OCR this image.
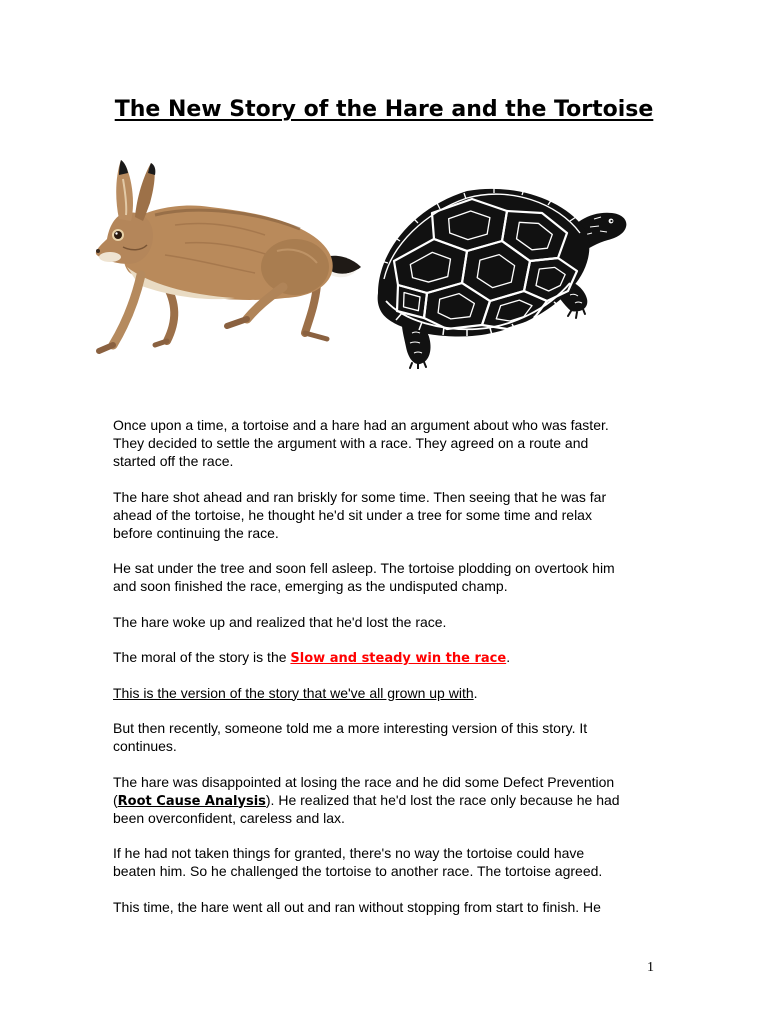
The New Story of the Hare and the Tortoise
Once upon a time, a tortoise and a hare had an argument about who was faster.
They decided to settle the argument with a race. They agreed on a route and
started off the race.
The hare shot ahead and ran briskly for some time. Then seeing that he was far
ahead of the tortoise, he thought he'd sit under a tree for some time and relax
before continuing the race.
He sat under the tree and soon fell asleep. The tortoise plodding on overtook him
and soon finished the race, emerging as the undisputed champ.
The hare woke up and realized that he'd lost the race.
The moral of the story is the Slow and steady win the race.
This is the version of the story that we've all grown up with.
But then recently, someone told me a more interesting version of this story. It
continues.
The hare was disappointed at losing the race and he did some Defect Prevention
(Root Cause Analysis). He realized that he'd lost the race only because he had
been overconfident, careless and lax.
If he had not taken things for granted, there's no way the tortoise could have
beaten him. So he challenged the tortoise to another race. The tortoise agreed.
This time, the hare went all out and ran without stopping from start to finish. He
1
